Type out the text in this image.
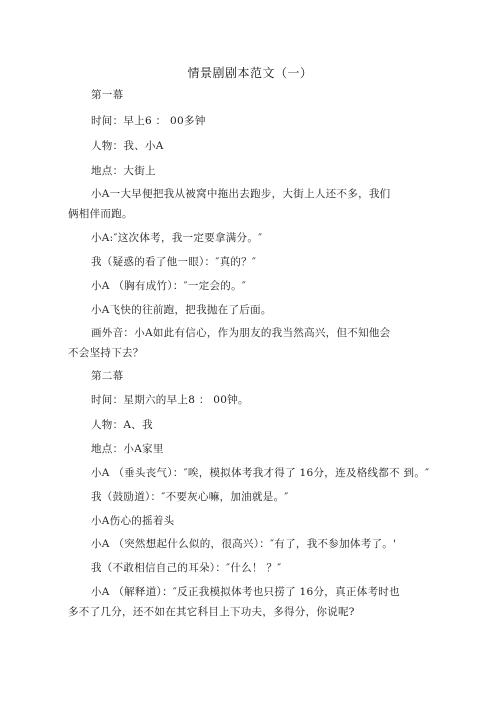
情景剧剧本范文（一）
第一幕
时间：早上6 ： 00多钟
人物：我、小A
地点：大街上
小A一大早便把我从被窝中拖出去跑步，大街上人还不多，我们
俩相伴而跑。
小A:″这次体考，我一定要拿满分。″
我（疑惑的看了他一眼）：″真的？″
小A （胸有成竹）：″一定会的。″
小A飞快的往前跑，把我抛在了后面。
画外音：小A如此有信心，作为朋友的我当然高兴，但不知他会
不会坚持下去？
第二幕
时间：星期六的早上8 ： 00钟。
人物：A、我
地点：小A家里
小A （垂头丧气）：″唉，模拟体考我才得了 16分，连及格线都不 到。″
我（鼓励道）：″不要灰心嘛，加油就是。″
小A伤心的摇着头
小A （突然想起什么似的，很高兴）：″有了，我不参加体考了。'
我（不敢相信自己的耳朵）：″什么！ ？″
小A （解释道）：″反正我模拟体考也只捞了 16分，真正体考时也
多不了几分，还不如在其它科目上下功夫，多得分，你说呢?
